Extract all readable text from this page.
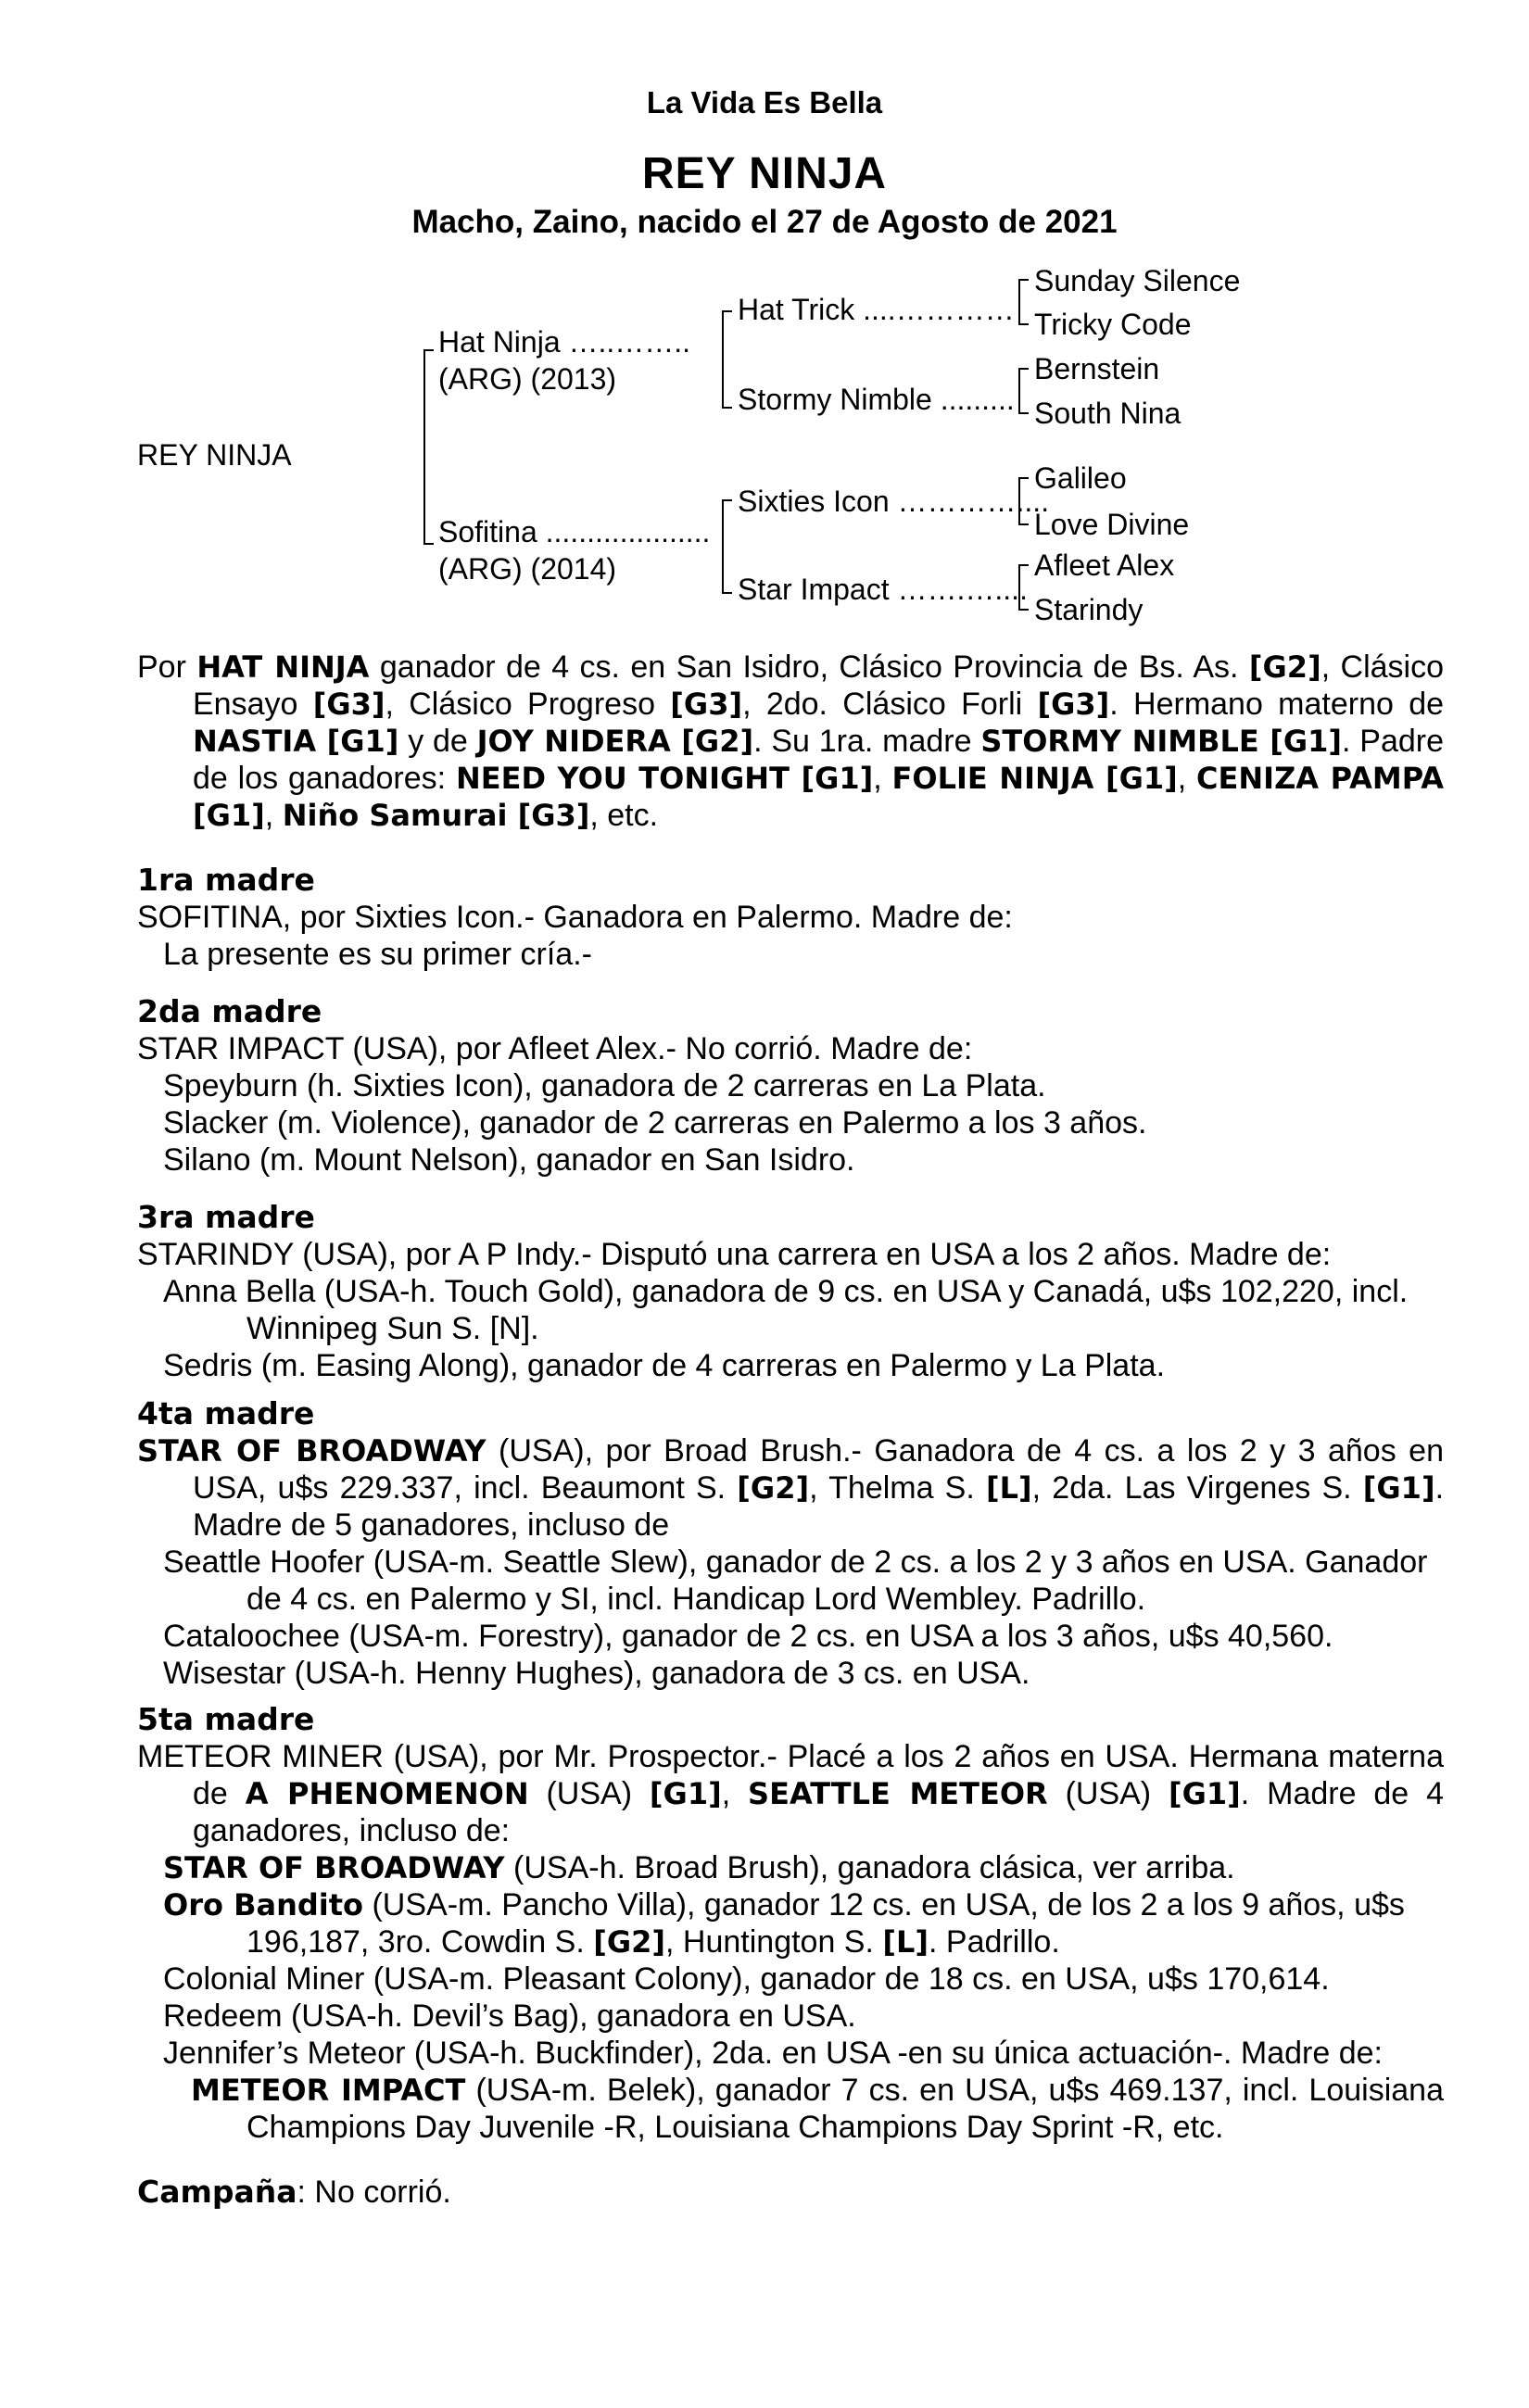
La Vida Es Bella
REY NINJA
Macho, Zaino, nacido el 27 de Agosto de 2021
REY NINJA
Hat Ninja …..……..
(ARG) (2013)
Sofitina ....................
(ARG) (2014)
Hat Trick ....…………
Stormy Nimble .........
Sixties Icon …………....
Star Impact …….…....
Sunday Silence
Tricky Code
Bernstein
South Nina
Galileo
Love Divine
Afleet Alex
Starindy
Por HAT NINJA ganador de 4 cs. en San Isidro, Clásico Provincia de Bs. As. [G2], Clásico Ensayo [G3], Clásico Progreso [G3], 2do. Clásico Forli [G3]. Hermano materno de NASTIA [G1] y de JOY NIDERA [G2]. Su 1ra. madre STORMY NIMBLE [G1]. Padre de los ganadores: NEED YOU TONIGHT [G1], FOLIE NINJA [G1], CENIZA PAMPA [G1], Niño Samurai [G3], etc.
1ra madre
SOFITINA, por Sixties Icon.- Ganadora en Palermo. Madre de:
La presente es su primer cría.-
2da madre
STAR IMPACT (USA), por Afleet Alex.- No corrió. Madre de:
Speyburn (h. Sixties Icon), ganadora de 2 carreras en La Plata.
Slacker (m. Violence), ganador de 2 carreras en Palermo a los 3 años.
Silano (m. Mount Nelson), ganador en San Isidro.
3ra madre
STARINDY (USA), por A P Indy.- Disputó una carrera en USA a los 2 años. Madre de:
Anna Bella (USA-h. Touch Gold), ganadora de 9 cs. en USA y Canadá, u$s 102,220, incl. Winnipeg Sun S. [N].
Sedris (m. Easing Along), ganador de 4 carreras en Palermo y La Plata.
4ta madre
STAR OF BROADWAY (USA), por Broad Brush.- Ganadora de 4 cs. a los 2 y 3 años en USA, u$s 229.337, incl. Beaumont S. [G2], Thelma S. [L], 2da. Las Virgenes S. [G1]. Madre de 5 ganadores, incluso de
Seattle Hoofer (USA-m. Seattle Slew), ganador de 2 cs. a los 2 y 3 años en USA. Ganador de 4 cs. en Palermo y SI, incl. Handicap Lord Wembley. Padrillo.
Cataloochee (USA-m. Forestry), ganador de 2 cs. en USA a los 3 años, u$s 40,560.
Wisestar (USA-h. Henny Hughes), ganadora de 3 cs. en USA.
5ta madre
METEOR MINER (USA), por Mr. Prospector.- Placé a los 2 años en USA. Hermana materna de A PHENOMENON (USA) [G1], SEATTLE METEOR (USA) [G1]. Madre de 4 ganadores, incluso de:
STAR OF BROADWAY (USA-h. Broad Brush), ganadora clásica, ver arriba.
Oro Bandito (USA-m. Pancho Villa), ganador 12 cs. en USA, de los 2 a los 9 años, u$s 196,187, 3ro. Cowdin S. [G2], Huntington S. [L]. Padrillo.
Colonial Miner (USA-m. Pleasant Colony), ganador de 18 cs. en USA, u$s 170,614.
Redeem (USA-h. Devil’s Bag), ganadora en USA.
Jennifer’s Meteor (USA-h. Buckfinder), 2da. en USA -en su única actuación-. Madre de:
METEOR IMPACT (USA-m. Belek), ganador 7 cs. en USA, u$s 469.137, incl. Louisiana Champions Day Juvenile -R, Louisiana Champions Day Sprint -R, etc.
Campaña: No corrió.
